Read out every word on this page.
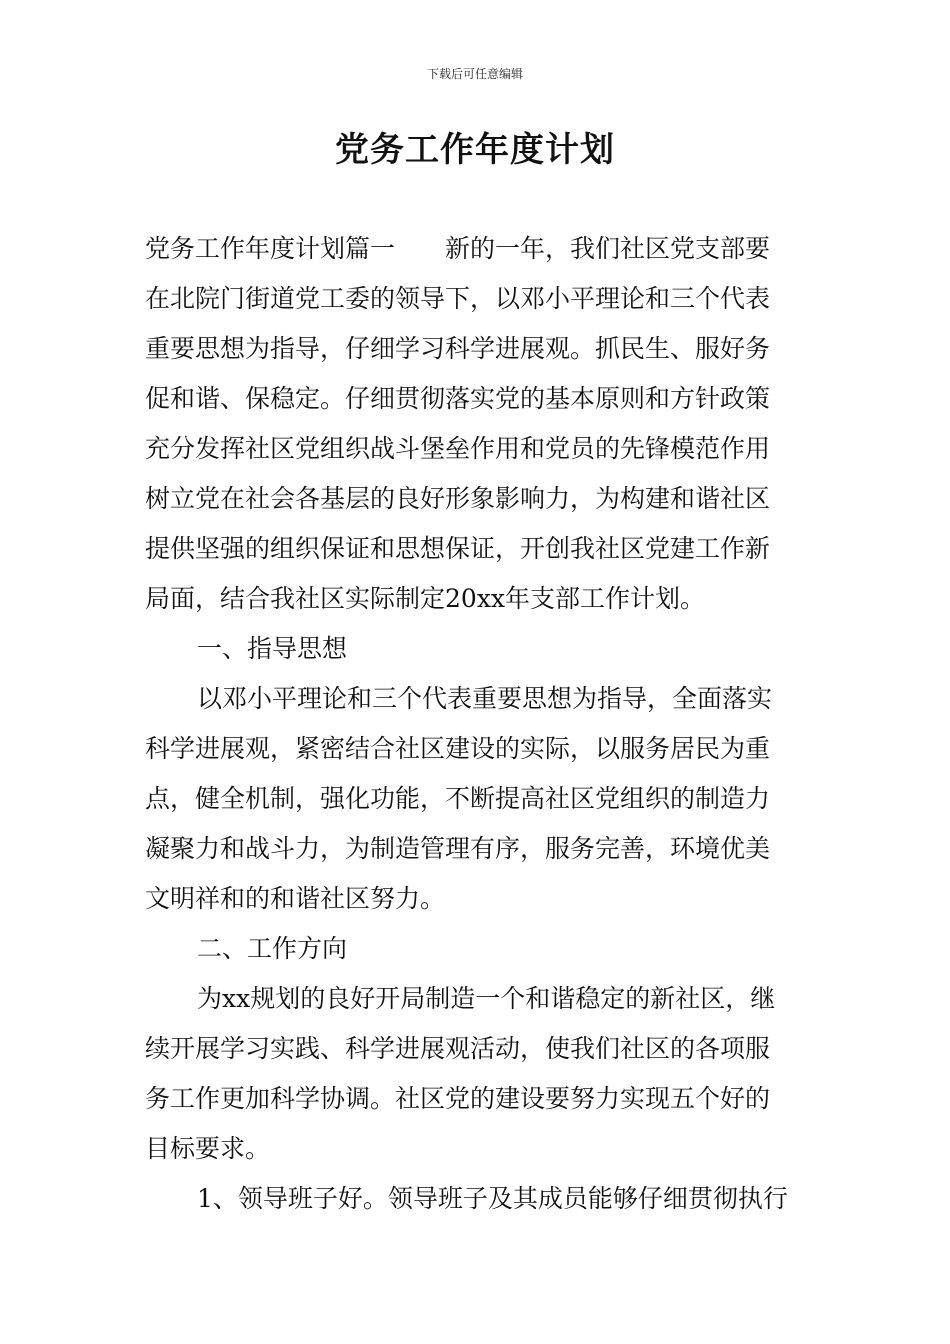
下载后可任意编辑
党务工作年度计划
党务工作年度计划篇一　　新的一年，我们社区党支部要
在北院门街道党工委的领导下，以邓小平理论和三个代表
重要思想为指导，仔细学习科学进展观。抓民生、服好务
促和谐、保稳定。仔细贯彻落实党的基本原则和方针政策
充分发挥社区党组织战斗堡垒作用和党员的先锋模范作用
树立党在社会各基层的良好形象影响力，为构建和谐社区
提供坚强的组织保证和思想保证，开创我社区党建工作新
局面，结合我社区实际制定20xx年支部工作计划。
一、指导思想
以邓小平理论和三个代表重要思想为指导，全面落实
科学进展观，紧密结合社区建设的实际，以服务居民为重
点，健全机制，强化功能，不断提高社区党组织的制造力
凝聚力和战斗力，为制造管理有序，服务完善，环境优美
文明祥和的和谐社区努力。
二、工作方向
为xx规划的良好开局制造一个和谐稳定的新社区，继
续开展学习实践、科学进展观活动，使我们社区的各项服
务工作更加科学协调。社区党的建设要努力实现五个好的
目标要求。
1、领导班子好。领导班子及其成员能够仔细贯彻执行
